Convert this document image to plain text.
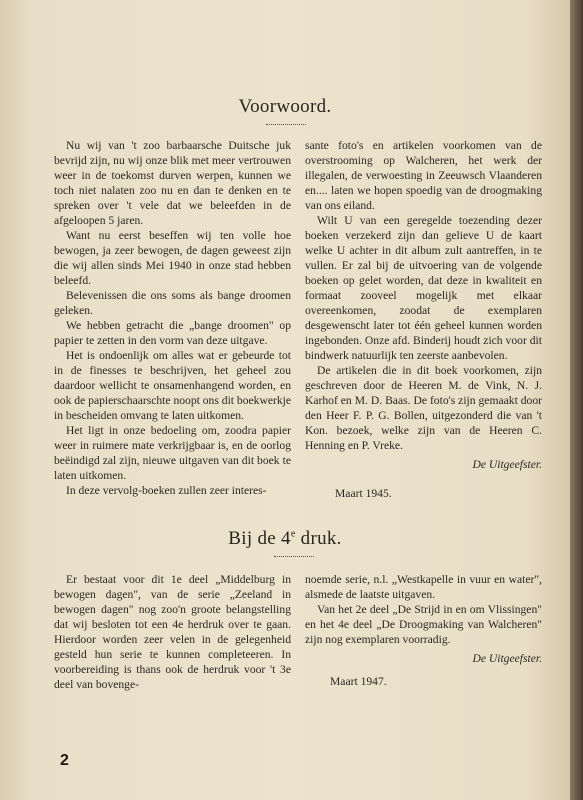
Voorwoord.

Nu wij van 't zoo barbaarsche Duitsche juk bevrijd zijn, nu wij onze blik met meer vertrouwen weer in de toekomst durven werpen, kunnen we toch niet nalaten zoo nu en dan te denken en te spreken over 't vele dat we beleefden in de afgeloopen 5 jaren.

Want nu eerst beseffen wij ten volle hoe bewogen, ja zeer bewogen, de dagen geweest zijn die wij allen sinds Mei 1940 in onze stad hebben beleefd.

Belevenissen die ons soms als bange droomen geleken.

We hebben getracht die „bange droomen" op papier te zetten in den vorm van deze uitgave.

Het is ondoenlijk om alles wat er gebeurde tot in de finesses te beschrijven, het geheel zou daardoor wellicht te onsamenhangend worden, en ook de papierschaarschte noopt ons dit boekwerkje in bescheiden omvang te laten uitkomen.

Het ligt in onze bedoeling om, zoodra papier weer in ruimere mate verkrijgbaar is, en de oorlog beëindigd zal zijn, nieuwe uitgaven van dit boek te laten uitkomen.

In deze vervolg-boeken zullen zeer interes-

sante foto's en artikelen voorkomen van de overstrooming op Walcheren, het werk der illegalen, de verwoesting in Zeeuwsch Vlaanderen en.... laten we hopen spoedig van de droogmaking van ons eiland.

Wilt U van een geregelde toezending dezer boeken verzekerd zijn dan gelieve U de kaart welke U achter in dit album zult aantreffen, in te vullen. Er zal bij de uitvoering van de volgende boeken op gelet worden, dat deze in kwaliteit en formaat zooveel mogelijk met elkaar overeenkomen, zoodat de exemplaren desgewenscht later tot één geheel kunnen worden ingebonden. Onze afd. Binderij houdt zich voor dit bindwerk natuurlijk ten zeerste aanbevolen.

De artikelen die in dit boek voorkomen, zijn geschreven door de Heeren M. de Vink, N. J. Karhof en M. D. Baas. De foto's zijn gemaakt door den Heer F. P. G. Bollen, uitgezonderd die van 't Kon. bezoek, welke zijn van de Heeren C. Henning en P. Vreke.

De Uitgeefster.

Maart 1945.

Bij de 4e druk.

Er bestaat voor dit 1e deel „Middelburg in bewogen dagen", van de serie „Zeeland in bewogen dagen" nog zoo'n groote belangstelling dat wij besloten tot een 4e herdruk over te gaan. Hierdoor worden zeer velen in de gelegenheid gesteld hun serie te kunnen completeeren. In voorbereiding is thans ook de herdruk voor 't 3e deel van bovenge-

noemde serie, n.l. „Westkapelle in vuur en water", alsmede de laatste uitgaven.

Van het 2e deel „De Strijd in en om Vlissingen" en het 4e deel „De Droogmaking van Walcheren" zijn nog exemplaren voorradig.

De Uitgeefster.

Maart 1947.

2
